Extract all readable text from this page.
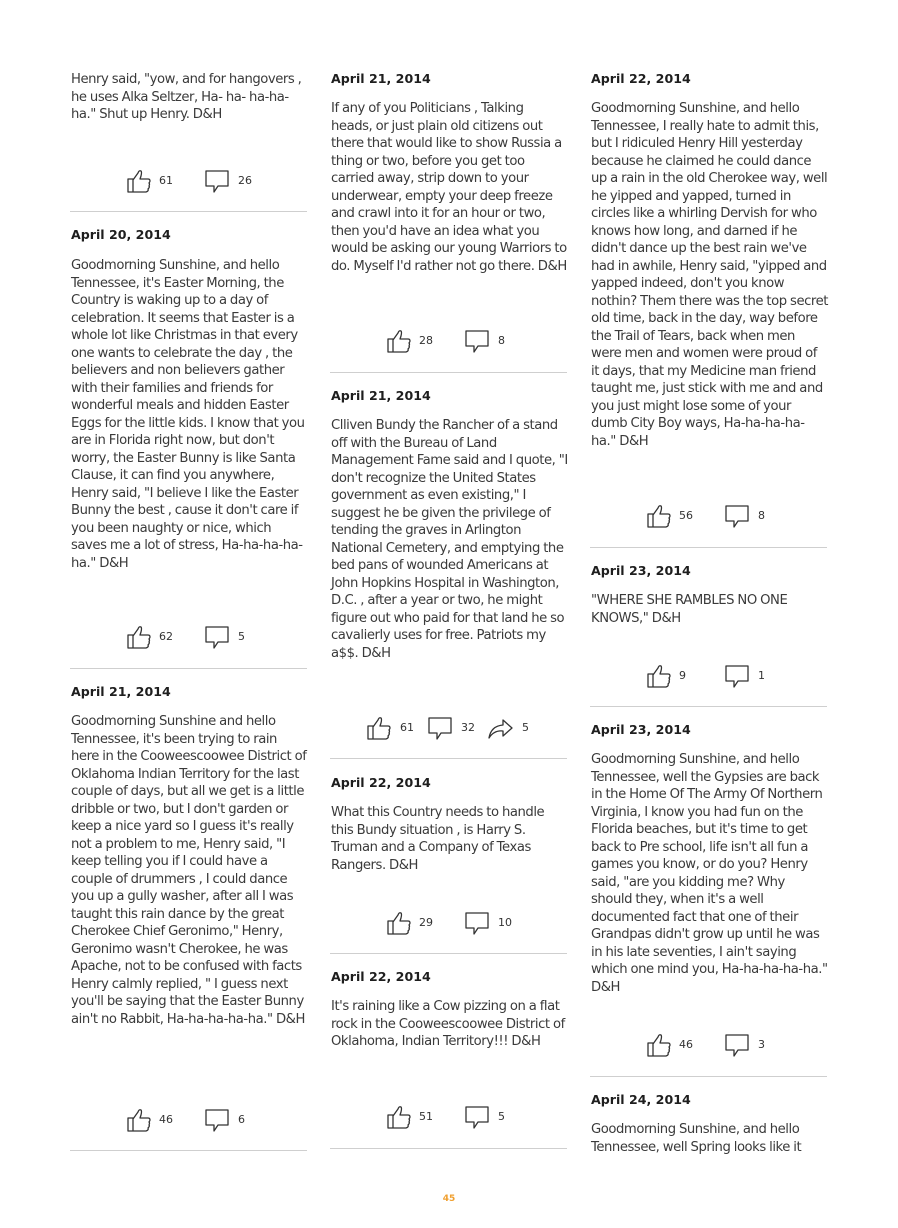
Henry said, "yow, and for hangovers , he uses Alka Seltzer, Ha- ha- ha-ha- ha." Shut up Henry. D&H
61	26
April 20, 2014
Goodmorning Sunshine, and hello Tennessee, it's Easter Morning, the Country is waking up to a day of celebration. It seems that Easter is a whole lot like Christmas in that every one wants to celebrate the day , the believers and non believers gather with their families and friends for wonderful meals and hidden Easter Eggs for the little kids. I know that you are in Florida right now, but don't worry, the Easter Bunny is like Santa Clause, it can find you anywhere, Henry said, "I believe I like the Easter Bunny the best , cause it don't care if you been naughty or nice, which saves me a lot of stress, Ha-ha-ha-ha-ha." D&H
62	5
April 21, 2014
Goodmorning Sunshine and hello Tennessee, it's been trying to rain here in the Cooweescoowee District of Oklahoma Indian Territory for the last couple of days, but all we get is a little dribble or two, but I don't garden or keep a nice yard so I guess it's really not a problem to me, Henry said, "I keep telling you if I could have a couple of drummers , I could dance you up a gully washer, after all I was taught this rain dance by the great Cherokee Chief Geronimo," Henry, Geronimo wasn't Cherokee, he was Apache, not to be confused with facts Henry calmly replied, " I guess next you'll be saying that the Easter Bunny ain't no Rabbit, Ha-ha-ha-ha-ha." D&H
46	6
April 21, 2014
If any of you Politicians , Talking heads, or just plain old citizens out there that would like to show Russia a thing or two, before you get too carried away, strip down to your underwear, empty your deep freeze and crawl into it for an hour or two, then you'd have an idea what you would be asking our young Warriors to do. Myself I'd rather not go there. D&H
28	8
April 21, 2014
Clliven Bundy the Rancher of a stand off with the Bureau of Land Management Fame said and I quote, "I don't recognize the United States government as even existing," I suggest he be given the privilege of tending the graves in Arlington National Cemetery, and emptying the bed pans of wounded Americans at John Hopkins Hospital in Washington, D.C. , after a year or two, he might figure out who paid for that land he so cavalierly uses for free. Patriots my a$$. D&H
61	32	5
April 22, 2014
What this Country needs to handle this Bundy situation , is Harry S. Truman and a Company of Texas Rangers. D&H
29	10
April 22, 2014
It's raining like a Cow pizzing on a flat rock in the Cooweescoowee District of Oklahoma, Indian Territory!!! D&H
51	5
April 22, 2014
Goodmorning Sunshine, and hello Tennessee, I really hate to admit this, but I ridiculed Henry Hill yesterday because he claimed he could dance up a rain in the old Cherokee way, well he yipped and yapped, turned in circles like a whirling Dervish for who knows how long, and darned if he didn't dance up the best rain we've had in awhile, Henry said, "yipped and yapped indeed, don't you know nothin? Them there was the top secret old time, back in the day, way before the Trail of Tears, back when men were men and women were proud of it days, that my Medicine man friend taught me, just stick with me and and you just might lose some of your dumb City Boy ways, Ha-ha-ha-ha-ha." D&H
56	8
April 23, 2014
"WHERE SHE RAMBLES NO ONE KNOWS," D&H
9	1
April 23, 2014
Goodmorning Sunshine, and hello Tennessee, well the Gypsies are back in the Home Of The Army Of Northern Virginia, I know you had fun on the Florida beaches, but it's time to get back to Pre school, life isn't all fun a games you know, or do you? Henry said, "are you kidding me? Why should they, when it's a well documented fact that one of their Grandpas didn't grow up until he was in his late seventies, I ain't saying which one mind you, Ha-ha-ha-ha-ha." D&H
46	3
April 24, 2014
Goodmorning Sunshine, and hello Tennessee, well Spring looks like it
45
